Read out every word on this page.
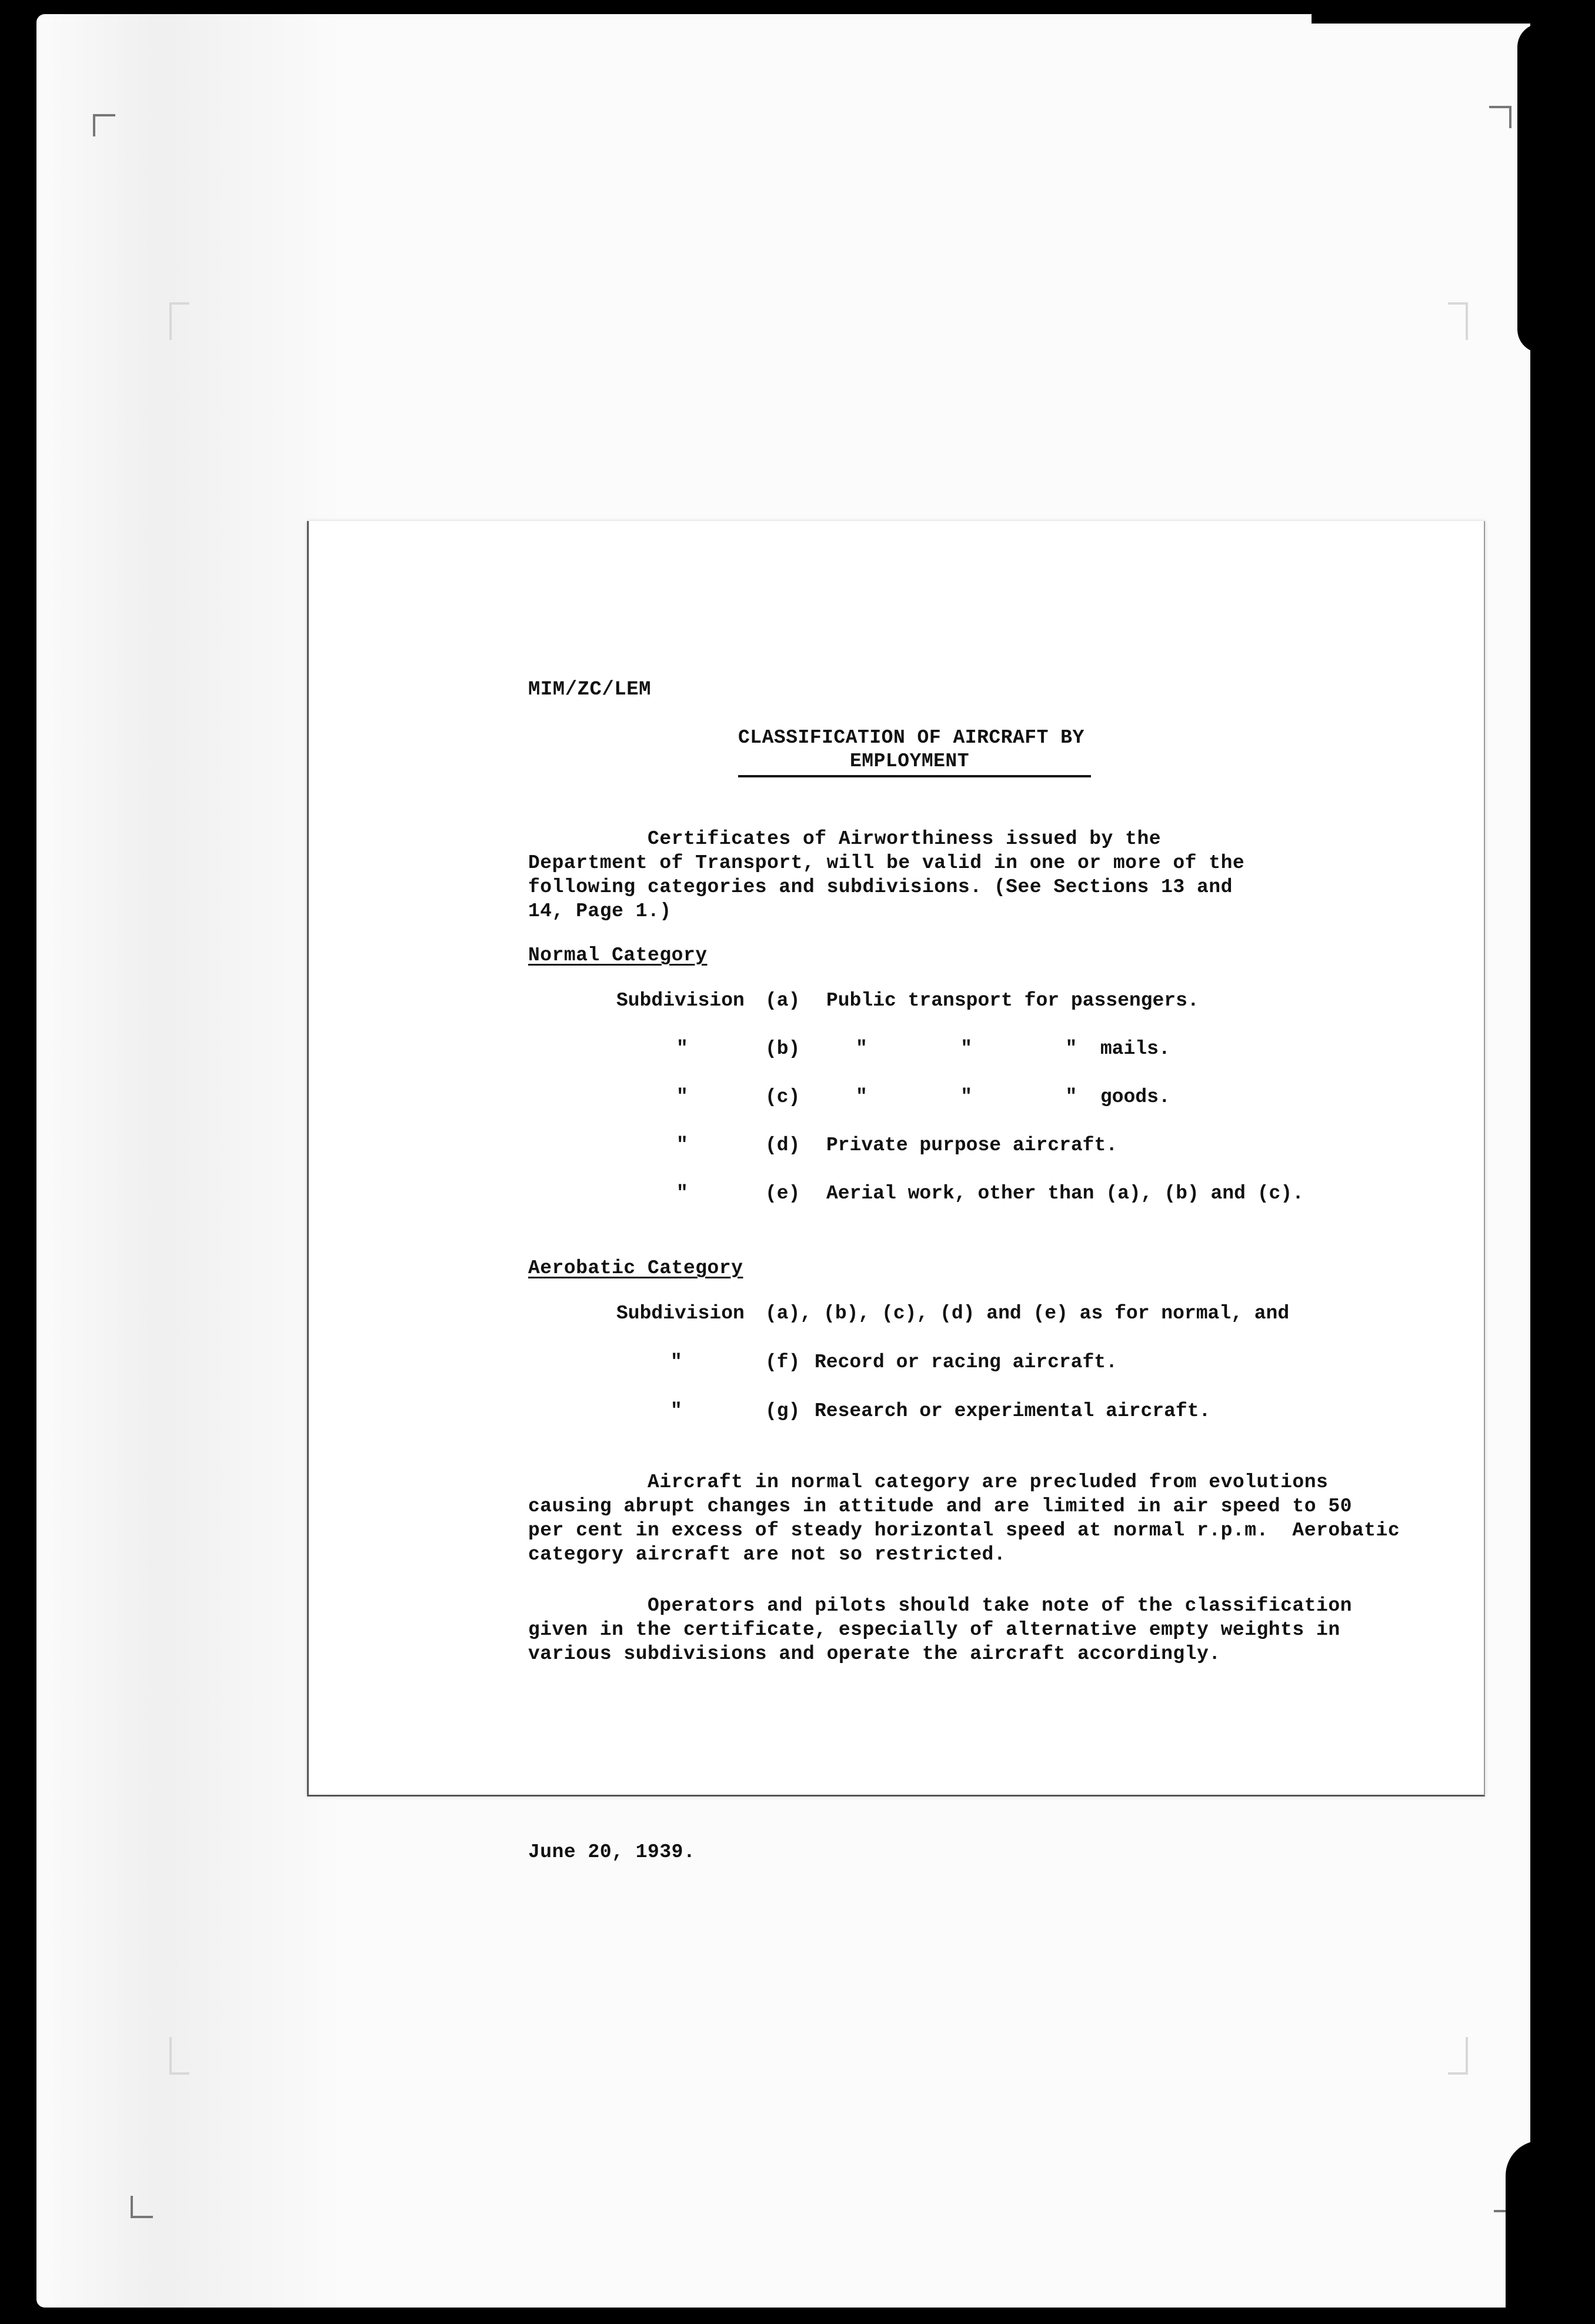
MIM/ZC/LEM
CLASSIFICATION OF AIRCRAFT BY
EMPLOYMENT
Certificates of Airworthiness issued by the
Department of Transport, will be valid in one or more of the
following categories and subdivisions. (See Sections 13 and
14, Page 1.)
Normal Category
Subdivision (a) Public transport for passengers.
"	(b)	"        "        "  mails.
"	(c)	"        "        "  goods.
"	(d) Private purpose aircraft.
"	(e) Aerial work, other than (a), (b) and (c).
Aerobatic Category
Subdivision (a), (b), (c), (d) and (e) as for normal, and
"	(f) Record or racing aircraft.
"	(g) Research or experimental aircraft.
Aircraft in normal category are precluded from evolutions
causing abrupt changes in attitude and are limited in air speed to 50
per cent in excess of steady horizontal speed at normal r.p.m.  Aerobatic
category aircraft are not so restricted.
Operators and pilots should take note of the classification
given in the certificate, especially of alternative empty weights in
various subdivisions and operate the aircraft accordingly.
June 20, 1939.
